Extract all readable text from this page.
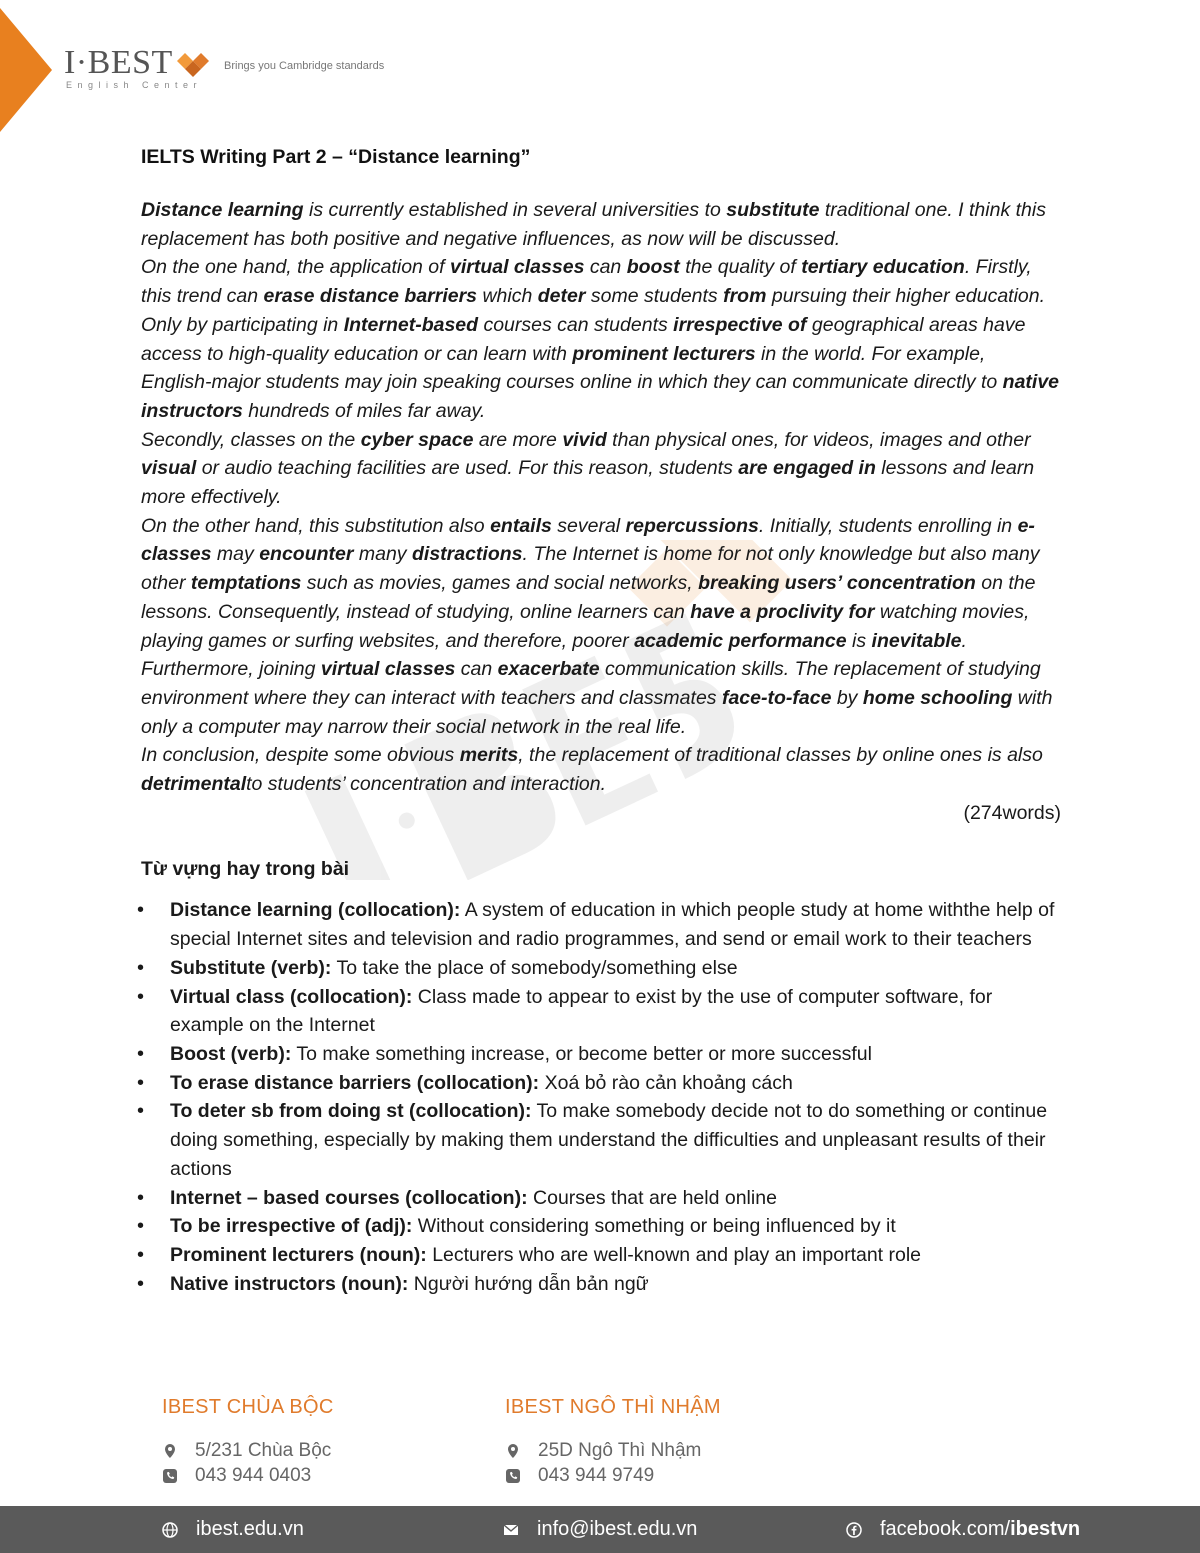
I·BEST
English Center
Brings you Cambridge standards
IELTS Writing Part 2 – “Distance learning”

Distance learning is currently established in several universities to substitute traditional one. I think this replacement has both positive and negative influences, as now will be discussed.

On the one hand, the application of virtual classes can boost the quality of tertiary education. Firstly, this trend can erase distance barriers which deter some students from pursuing their higher education. Only by participating in Internet-based courses can students irrespective of geographical areas have access to high-quality education or can learn with prominent lecturers in the world. For example, English-major students may join speaking courses online in which they can communicate directly to native instructors hundreds of miles far away.

Secondly, classes on the cyber space are more vivid than physical ones, for videos, images and other visual or audio teaching facilities are used. For this reason, students are engaged in lessons and learn more effectively.

On the other hand, this substitution also entails several repercussions. Initially, students enrolling in e-classes may encounter many distractions. The Internet is home for not only knowledge but also many other temptations such as movies, games and social networks, breaking users’ concentration on the lessons. Consequently, instead of studying, online learners can have a proclivity for watching movies, playing games or surfing websites, and therefore, poorer academic performance is inevitable. Furthermore, joining virtual classes can exacerbate communication skills. The replacement of studying environment where they can interact with teachers and classmates face-to-face by home schooling with only a computer may narrow their social network in the real life.

In conclusion, despite some obvious merits, the replacement of traditional classes by online ones is also detrimentalto students’ concentration and interaction.

(274words)
Từ vựng hay trong bài
• Distance learning (collocation): A system of education in which people study at home withthe help of special Internet sites and television and radio programmes, and send or email work to their teachers
• Substitute (verb): To take the place of somebody/something else
• Virtual class (collocation): Class made to appear to exist by the use of computer software, for example on the Internet
• Boost (verb): To make something increase, or become better or more successful
• To erase distance barriers (collocation): Xoá bỏ rào cản khoảng cách
• To deter sb from doing st (collocation): To make somebody decide not to do something or continue doing something, especially by making them understand the difficulties and unpleasant results of their actions
• Internet – based courses (collocation): Courses that are held online
• To be irrespective of (adj): Without considering something or being influenced by it
• Prominent lecturers (noun): Lecturers who are well-known and play an important role
• Native instructors (noun): Người hướng dẫn bản ngữ
IBEST CHÙA BỘC
5/231 Chùa Bộc
043 944 0403
IBEST NGÔ THÌ NHẬM
25D Ngô Thì Nhậm
043 944 9749
ibest.edu.vn	info@ibest.edu.vn	facebook.com/ ibestvn
